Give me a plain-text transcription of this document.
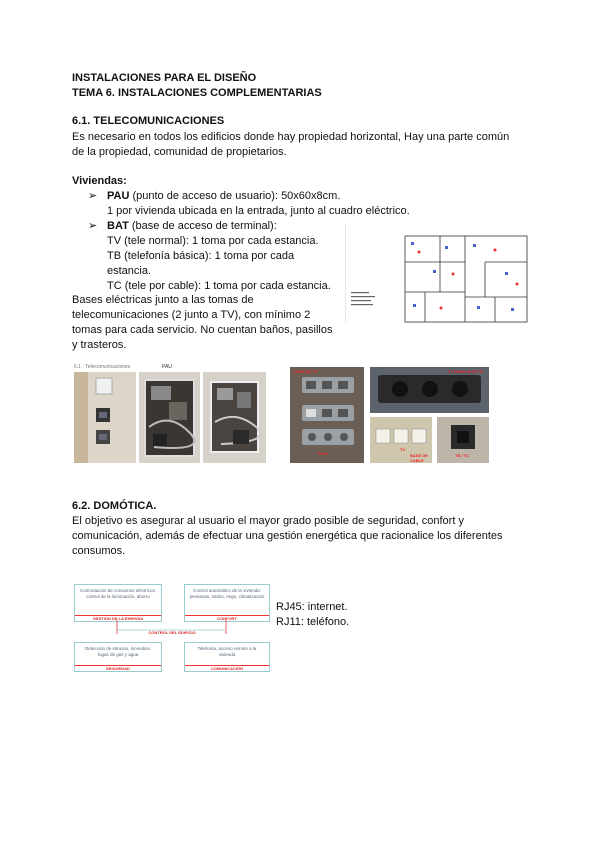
INSTALACIONES PARA EL DISEÑO
TEMA 6. INSTALACIONES COMPLEMENTARIAS
6.1. TELECOMUNICACIONES
Es necesario en todos los edificios donde hay propiedad horizontal, Hay una parte común
de la propiedad, comunidad de propietarios.
Viviendas:
➢ PAU (punto de acceso de usuario): 50x60x8cm.
1 por vivienda ubicada en la entrada, junto al cuadro eléctrico.
➢ BAT (base de acceso de terminal):
TV (tele normal): 1 toma por cada estancia.
TB (telefonía básica): 1 toma por cada
estancia.
TC (tele por cable): 1 toma por cada estancia.
Bases eléctricas junto a las tomas de
telecomunicaciones (2 junto a TV), con mínimo 2
tomas para cada servicio. No cuentan baños, pasillos
y trasteros.
6.1 · Telecomunicaciones	PAU
TOMA DE TV
RJ45
3 TOMAS ELECTR.
TV
BASE DE CABLE
TB / TC
6.2. DOMÓTICA.
El objetivo es asegurar al usuario el mayor grado posible de seguridad, confort y
comunicación, además de efectuar una gestión energética que racionalice los diferentes
consumos.
Conmutación de consumos eléctricos, control de la iluminación, ahorro
GESTIÓN DE LA ENERGÍA
Control automático de la vivienda: persianas, toldos, riego, climatización
CONFORT
CONTROL DEL EDIFICIO
Detección de intrusos, incendios, fugas de gas y agua
SEGURIDAD
Telefonía, acceso remoto a la vivienda
COMUNICACIÓN
RJ45: internet.
RJ11: teléfono.
